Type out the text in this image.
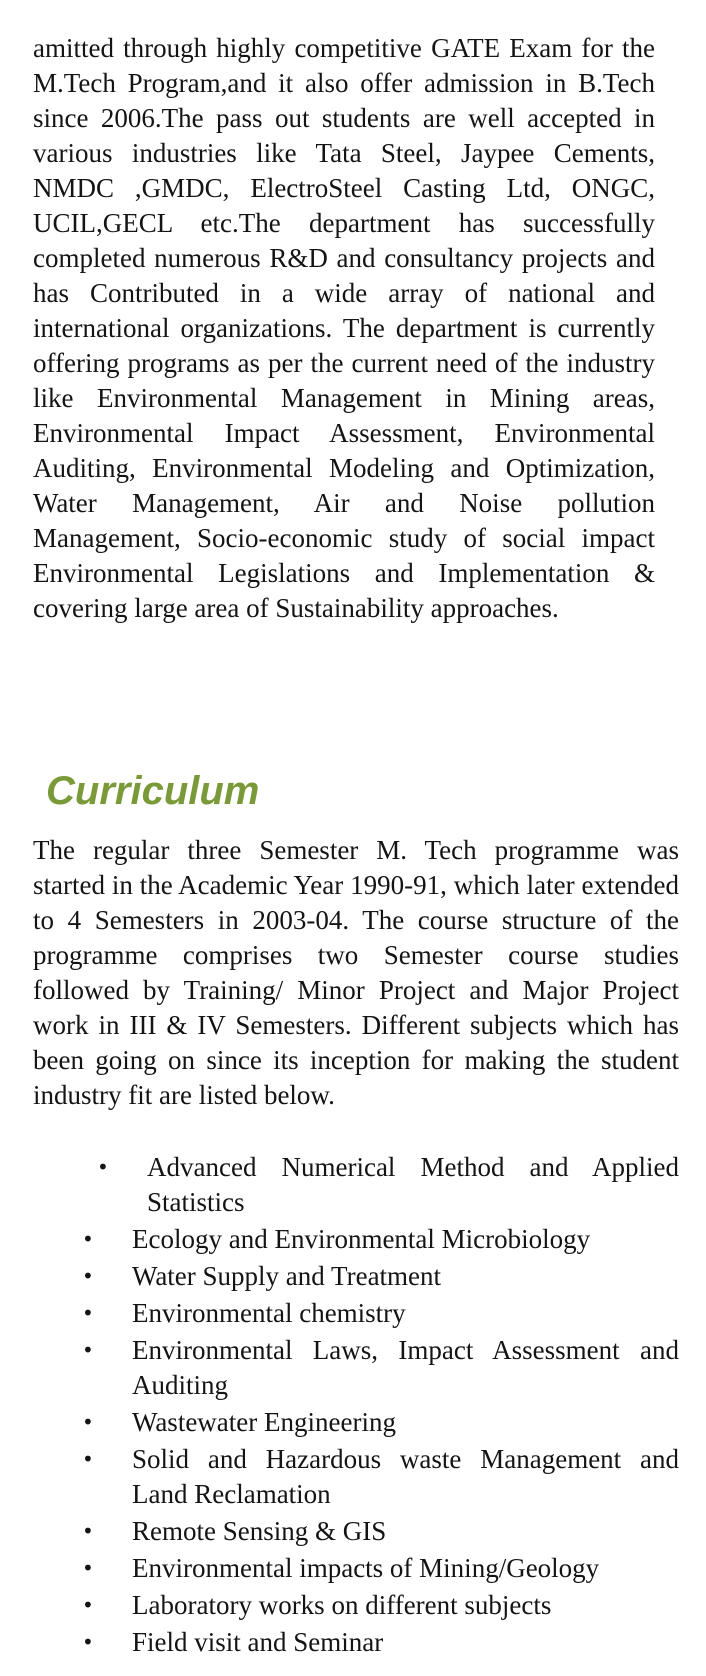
amitted through highly competitive GATE Exam for the M.Tech Program,and it also offer admission in B.Tech since 2006.The pass out students are well accepted in various industries like Tata Steel, Jaypee Cements, NMDC ,GMDC, ElectroSteel Casting Ltd, ONGC, UCIL,GECL etc.The department has successfully completed numerous R&D and consultancy projects and has Contributed in a wide array of national and international organizations. The department is currently offering programs as per the current need of the industry like Environmental Management in Mining areas, Environmental Impact Assessment, Environmental Auditing, Environmental Modeling and Optimization, Water Management, Air and Noise pollution Management, Socio-economic study of social impact Environmental Legislations and Implementation & covering large area of Sustainability approaches.

Curriculum

The regular three Semester M. Tech programme was started in the Academic Year 1990-91, which later extended to 4 Semesters in 2003-04. The course structure of the programme comprises two Semester course studies followed by Training/ Minor Project and Major Project work in III & IV Semesters. Different subjects which has been going on since its inception for making the student industry fit are listed below.

• Advanced Numerical Method and Applied Statistics
• Ecology and Environmental Microbiology
• Water Supply and Treatment
• Environmental chemistry
• Environmental Laws, Impact Assessment and Auditing
• Wastewater Engineering
• Solid and Hazardous waste Management and Land Reclamation
• Remote Sensing & GIS
• Environmental impacts of Mining/Geology
• Laboratory works on different subjects
• Field visit and Seminar
